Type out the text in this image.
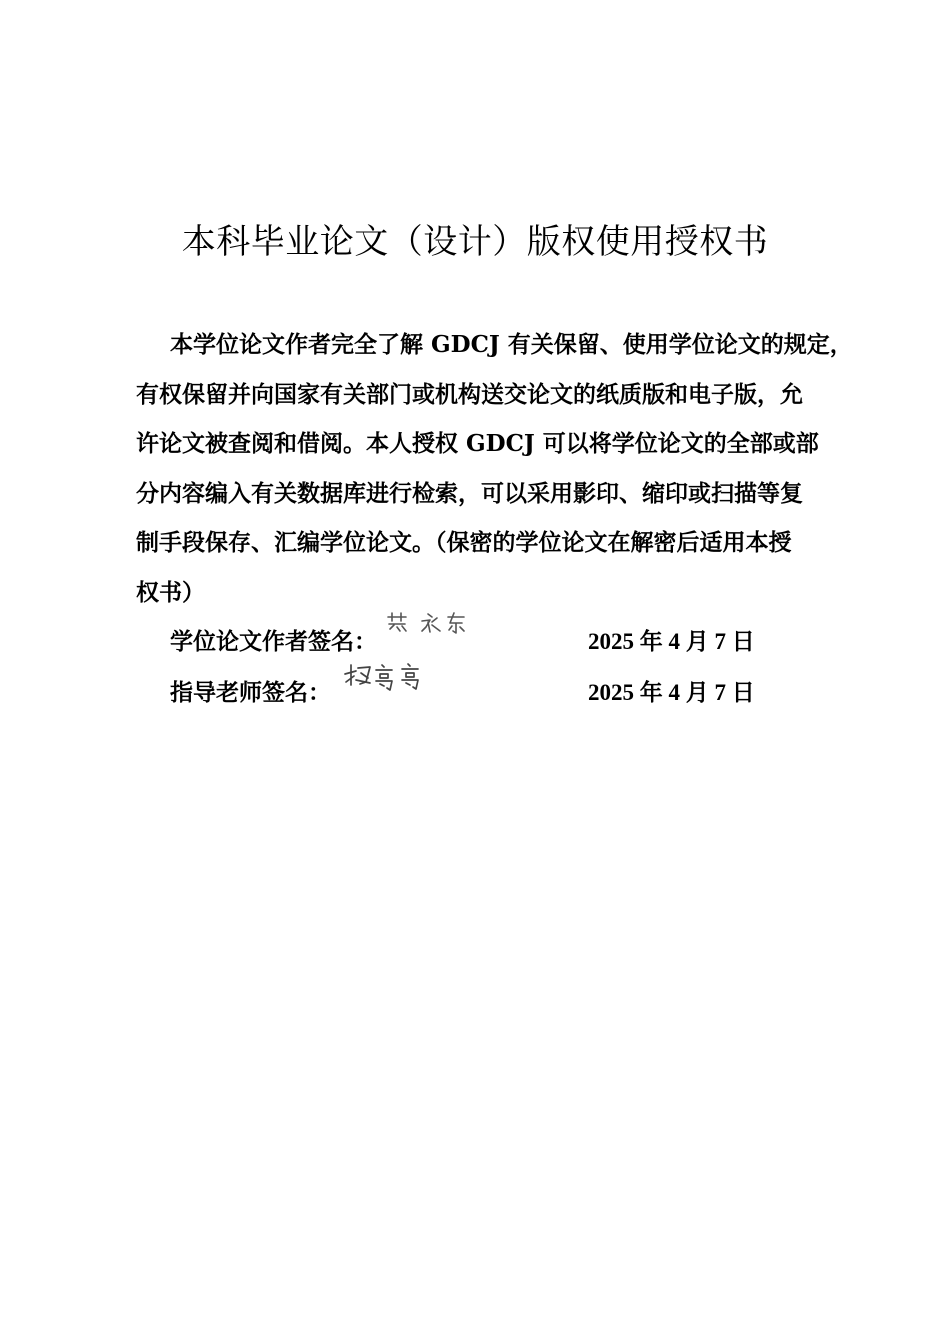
本科毕业论文（设计）版权使用授权书
本学位论文作者完全了解 GDCJ 有关保留、使用学位论文的规定，
有权保留并向国家有关部门或机构送交论文的纸质版和电子版，允
许论文被查阅和借阅。本人授权 GDCJ 可以将学位论文的全部或部
分内容编入有关数据库进行检索，可以采用影印、缩印或扫描等复
制手段保存、汇编学位论文。（保密的学位论文在解密后适用本授
权书）
学位论文作者签名：	2025 年 4 月 7 日
指导老师签名：	2025 年 4 月 7 日
